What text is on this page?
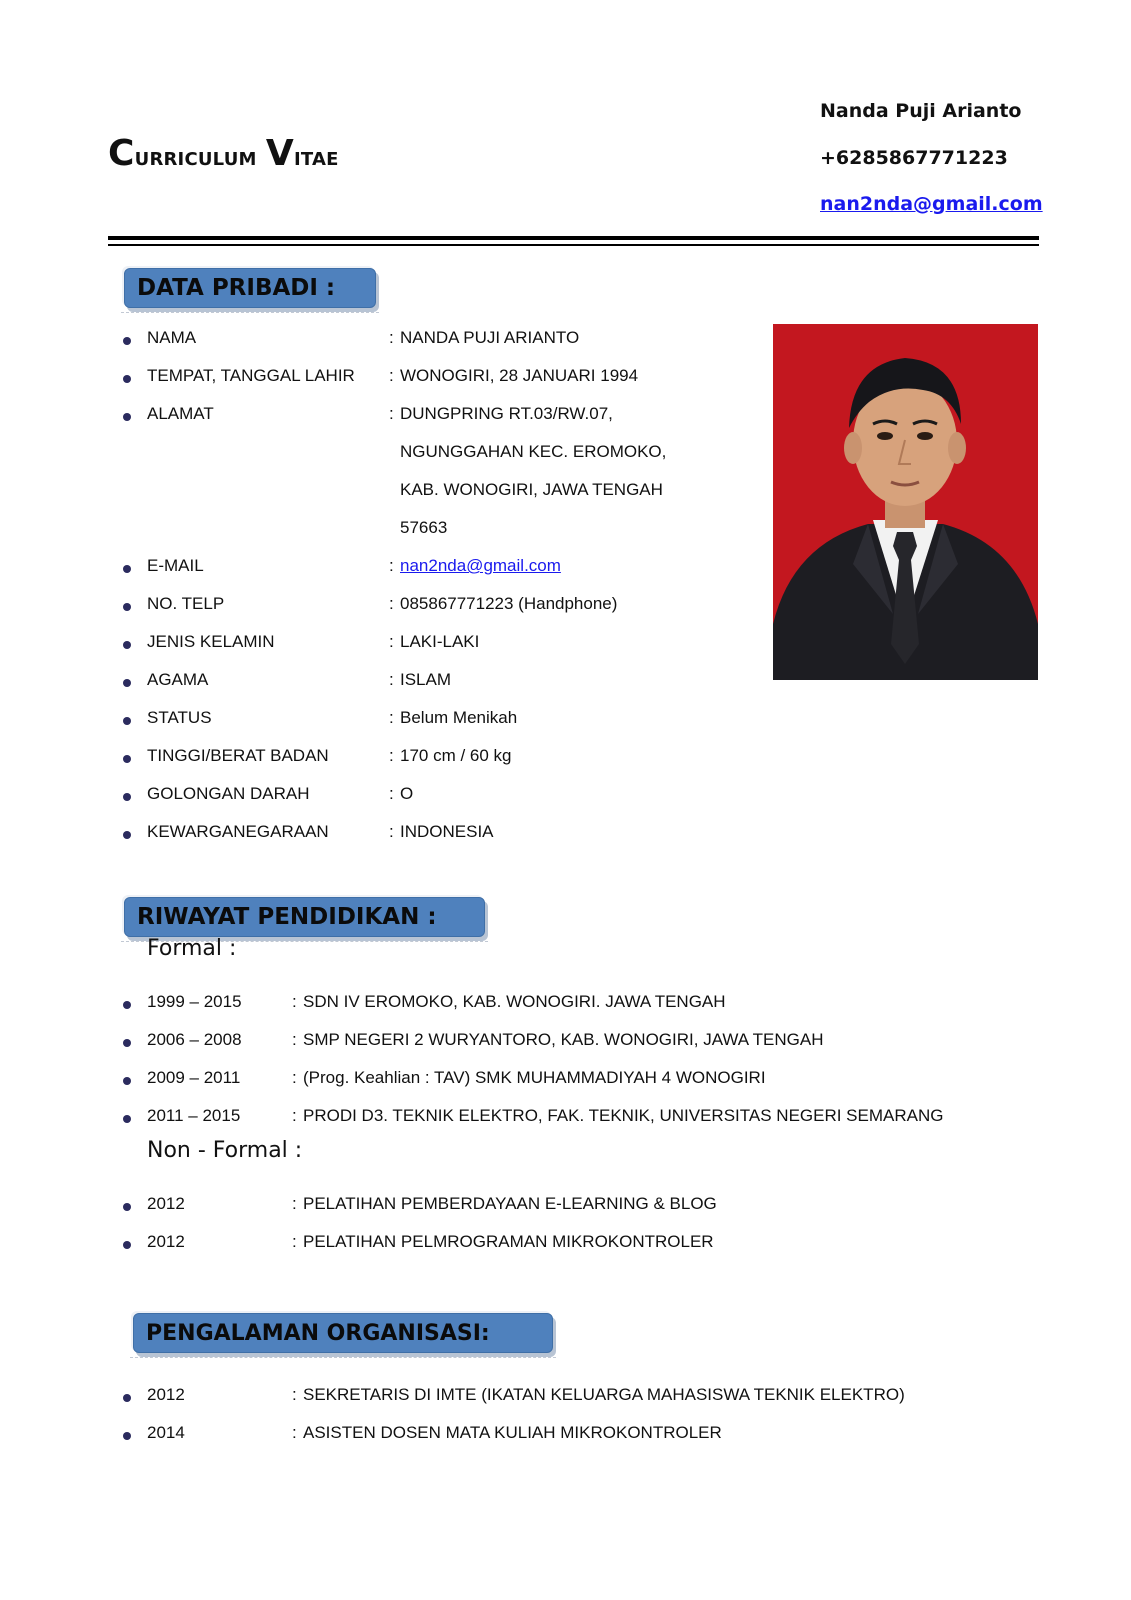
Curriculum Vitae
Nanda Puji Arianto
+6285867771223
nan2nda@gmail.com
DATA PRIBADI :
NAMA	: NANDA PUJI ARIANTO
TEMPAT, TANGGAL LAHIR : WONOGIRI, 28 JANUARI 1994
ALAMAT	: DUNGPRING RT.03/RW.07,
NGUNGGAHAN KEC. EROMOKO,
KAB. WONOGIRI, JAWA TENGAH
57663
E-MAIL	: nan2nda@gmail.com
NO. TELP	: 085867771223 (Handphone)
JENIS KELAMIN	: LAKI-LAKI
AGAMA	: ISLAM
STATUS	: Belum Menikah
TINGGI/BERAT BADAN	: 170 cm / 60 kg
GOLONGAN DARAH	: O
KEWARGANEGARAAN	: INDONESIA
RIWAYAT PENDIDIKAN :
Formal :
1999 – 2015	: SDN IV EROMOKO, KAB. WONOGIRI. JAWA TENGAH
2006 – 2008	: SMP NEGERI 2 WURYANTORO, KAB. WONOGIRI, JAWA TENGAH
2009 – 2011	: (Prog. Keahlian : TAV) SMK MUHAMMADIYAH 4 WONOGIRI
2011 – 2015	: PRODI D3. TEKNIK ELEKTRO, FAK. TEKNIK, UNIVERSITAS NEGERI SEMARANG
Non - Formal :
2012	: PELATIHAN PEMBERDAYAAN E-LEARNING & BLOG
2012	: PELATIHAN PELMROGRAMAN MIKROKONTROLER
PENGALAMAN ORGANISASI:
2012	: SEKRETARIS DI IMTE (IKATAN KELUARGA MAHASISWA TEKNIK ELEKTRO)
2014	: ASISTEN DOSEN MATA KULIAH MIKROKONTROLER
